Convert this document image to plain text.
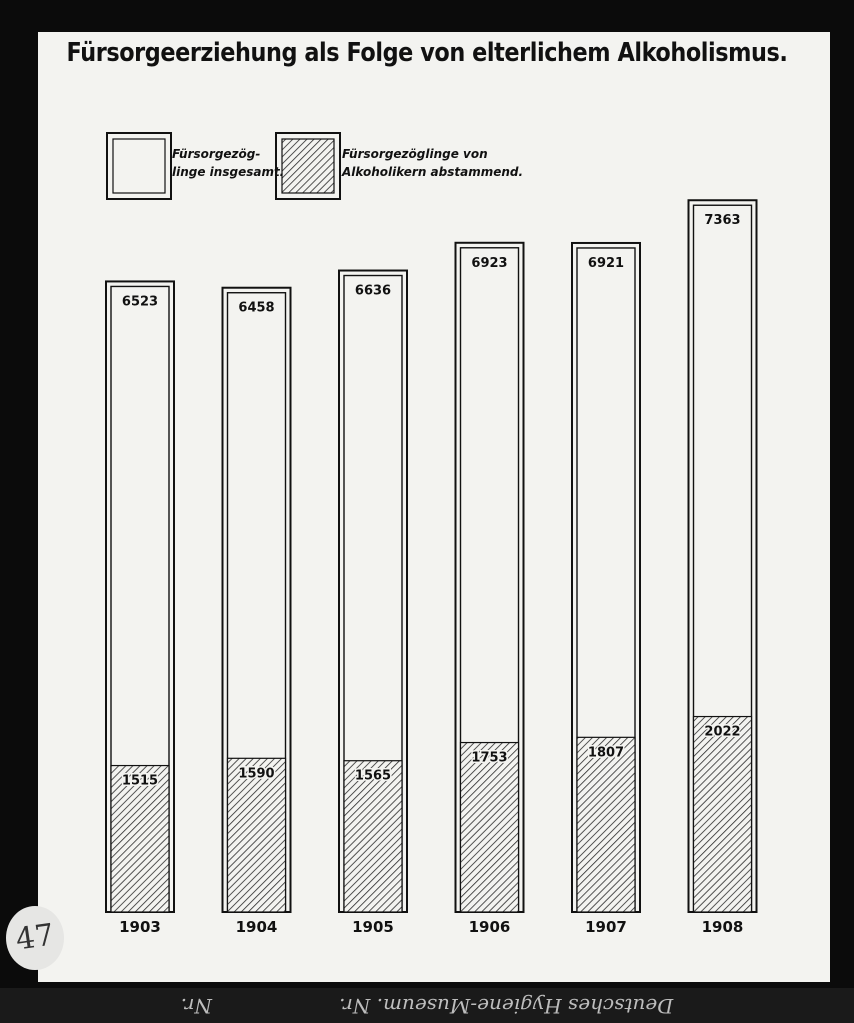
Fürsorgeerziehung als Folge von elterlichem Alkoholismus.
Fürsorgezög-
linge insgesamt.
Fürsorgezöglinge von
Alkoholikern abstammend.
6523
1515
1903
6458
1590
1904
6636
1565
1905
6923
1753
1906
6921
1807
1907
7363
2022
1908
Deutsches Hygiene-Museum. Nr.                    Nr.
47
